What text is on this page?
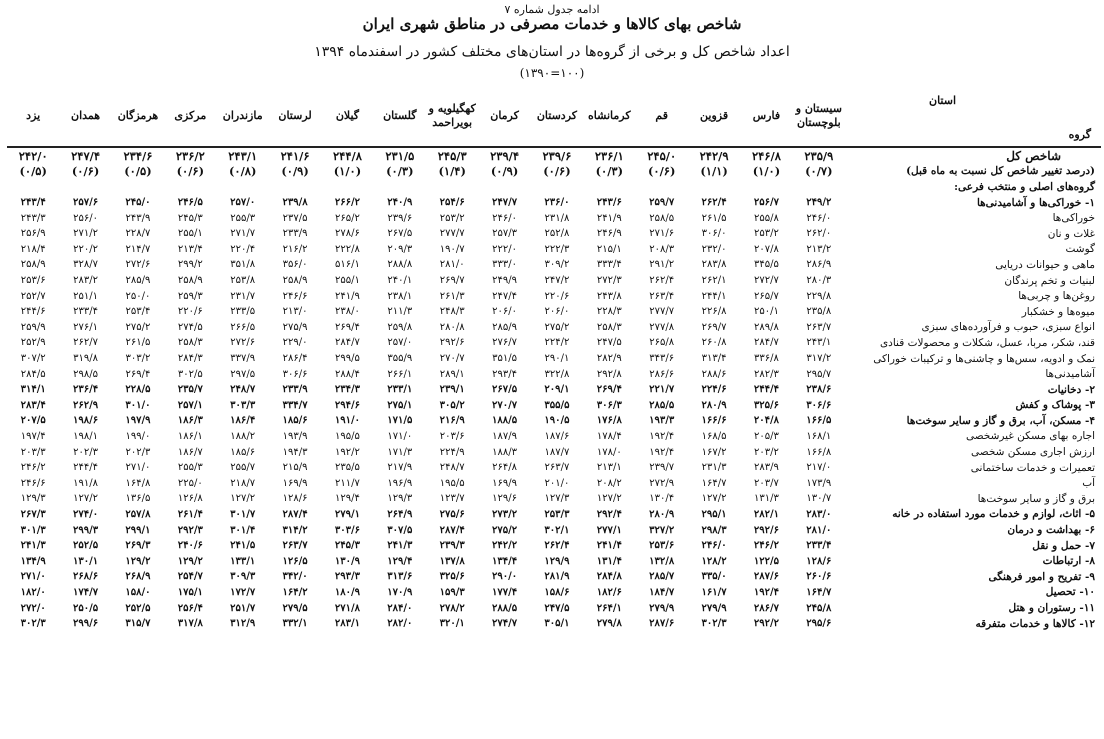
ادامه جدول شماره ۷
شاخص بهای کالاها و خدمات مصرفی در مناطق شهری ایران
اعداد شاخص کل و برخی از گروه‌ها در استان‌های مختلف کشور در اسفندماه ۱۳۹۴
(۱۰۰=۱۳۹۰)
استان
گروه	سیستان و بلوچستان	فارس	قزوین	قم	کرمانشاه	کردستان	کرمان	کهگیلویه و بویراحمد	گلستان	گیلان	لرستان	مازندران	مرکزی	هرمزگان	همدان	یزد
شاخص کل	۲۳۵/۹	۲۴۶/۸	۲۴۲/۹	۲۴۵/۰	۲۳۶/۱	۲۳۹/۶	۲۳۹/۴	۲۴۵/۳	۲۳۱/۵	۲۴۴/۸	۲۴۱/۶	۲۴۳/۱	۲۳۶/۲	۲۳۴/۶	۲۴۷/۴	۲۴۲/۰
(درصد تغییر شاخص کل نسبت به ماه قبل)	(۰/۷)	(۱/۰)	(۱/۱)	(۰/۶)	(۰/۳)	(۰/۶)	(۰/۹)	(۱/۴)	(۰/۳)	(۱/۰)	(۰/۹)	(۰/۸)	(۰/۶)	(۰/۵)	(۰/۶)	(۰/۵)
گروه‌های اصلی و منتخب فرعی:																
۱- خوراکی‌ها و آشامیدنی‌ها	۲۴۹/۲	۲۵۶/۷	۲۶۲/۴	۲۵۹/۷	۲۴۳/۶	۲۳۶/۰	۲۴۷/۷	۲۵۴/۶	۲۴۰/۹	۲۶۶/۲	۲۳۹/۸	۲۵۷/۰	۲۴۶/۵	۲۴۵/۰	۲۵۷/۶	۲۴۳/۴
خوراکی‌ها	۲۴۶/۰	۲۵۵/۸	۲۶۱/۵	۲۵۸/۵	۲۴۱/۹	۲۳۱/۸	۲۴۶/۰	۲۵۳/۲	۲۳۹/۶	۲۶۵/۲	۲۳۷/۵	۲۵۵/۳	۲۴۵/۳	۲۴۳/۹	۲۵۶/۰	۲۴۳/۳
غلات و نان	۲۶۲/۰	۲۵۳/۲	۳۰۶/۰	۲۷۱/۶	۲۴۶/۹	۲۵۲/۸	۲۵۷/۳	۲۷۷/۷	۲۶۷/۵	۲۷۸/۶	۲۳۳/۹	۲۷۱/۷	۲۵۵/۱	۲۲۸/۷	۲۷۱/۲	۲۵۶/۹
گوشت	۲۱۳/۲	۲۰۷/۸	۲۳۲/۰	۲۰۸/۳	۲۱۵/۱	۲۲۲/۳	۲۲۲/۰	۱۹۰/۷	۲۰۹/۳	۲۲۲/۸	۲۱۶/۲	۲۲۰/۴	۲۱۳/۴	۲۱۴/۷	۲۲۰/۲	۲۱۸/۴
ماهی و حیوانات دریایی	۲۸۶/۹	۳۴۵/۵	۲۸۳/۸	۲۹۱/۲	۳۳۳/۴	۳۰۹/۲	۳۳۳/۰	۲۸۱/۰	۲۸۸/۸	۵۱۶/۱	۳۵۶/۰	۳۵۱/۸	۲۹۹/۲	۲۷۲/۶	۳۲۸/۷	۲۵۸/۹
لبنیات و تخم پرندگان	۲۸۰/۳	۲۷۲/۷	۲۶۲/۱	۲۶۲/۴	۲۷۲/۳	۲۴۷/۲	۲۴۹/۹	۲۶۹/۷	۲۴۰/۱	۲۵۵/۱	۲۵۸/۹	۲۵۳/۸	۲۵۸/۹	۲۸۵/۹	۲۸۳/۲	۲۵۳/۶
روغن‌ها و چربی‌ها	۲۲۹/۸	۲۶۵/۷	۲۴۴/۱	۲۶۳/۴	۲۴۳/۸	۲۲۰/۶	۲۴۷/۴	۲۶۱/۳	۲۳۸/۱	۲۴۱/۹	۲۴۶/۶	۲۳۱/۷	۲۵۹/۳	۲۵۰/۰	۲۵۱/۱	۲۵۲/۷
میوه‌ها و خشکبار	۲۳۵/۸	۲۵۰/۱	۲۲۶/۸	۲۷۷/۷	۲۲۸/۳	۲۰۶/۰	۲۰۶/۰	۲۴۸/۳	۲۱۱/۳	۲۳۸/۰	۲۱۳/۰	۲۳۳/۵	۲۲۰/۶	۲۵۳/۴	۲۳۳/۴	۲۴۴/۶
انواع سبزی، حبوب و فرآورده‌های سبزی	۲۶۳/۷	۲۸۹/۸	۲۶۹/۷	۲۷۷/۸	۲۵۸/۳	۲۷۵/۲	۲۸۵/۹	۲۸۰/۸	۲۵۹/۸	۲۶۹/۴	۲۷۵/۹	۲۶۶/۵	۲۷۴/۵	۲۷۵/۲	۲۷۶/۱	۲۵۹/۹
قند، شکر، مربا، عسل، شکلات و محصولات قنادی	۲۴۳/۱	۲۸۴/۷	۲۶۰/۸	۲۶۵/۸	۲۴۷/۵	۲۲۴/۲	۲۷۶/۷	۲۹۲/۶	۲۵۷/۰	۲۸۴/۷	۲۲۹/۰	۲۷۲/۶	۲۵۸/۳	۲۶۱/۵	۲۶۲/۷	۲۵۲/۹
نمک و ادویه، سس‌ها و چاشنی‌ها و ترکیبات خوراکی	۳۱۷/۲	۳۳۶/۸	۳۱۳/۴	۳۴۳/۶	۲۸۲/۹	۲۹۰/۱	۳۵۱/۵	۲۷۰/۷	۳۵۵/۹	۲۹۹/۵	۲۸۶/۴	۳۳۷/۹	۲۸۴/۳	۳۰۳/۲	۳۱۹/۸	۳۰۷/۲
آشامیدنی‌ها	۲۹۵/۷	۲۸۲/۳	۲۸۸/۶	۲۸۶/۶	۲۹۲/۸	۳۲۲/۸	۲۹۳/۴	۲۸۹/۱	۲۶۶/۱	۲۸۸/۴	۳۰۶/۶	۲۹۷/۵	۳۰۲/۵	۲۶۹/۴	۲۹۸/۵	۲۸۴/۵
۲- دخانیات	۲۳۸/۶	۲۴۴/۴	۲۲۴/۶	۲۲۱/۷	۲۶۹/۴	۲۰۹/۱	۲۶۷/۵	۲۳۹/۱	۲۳۳/۱	۲۳۴/۳	۲۳۳/۹	۲۴۸/۷	۲۳۵/۷	۲۲۸/۵	۲۳۶/۴	۳۱۴/۱
۳- پوشاک و کفش	۳۰۶/۶	۳۲۵/۶	۲۸۰/۹	۲۸۵/۵	۳۰۶/۳	۳۵۵/۵	۲۷۰/۷	۳۰۵/۲	۲۷۵/۱	۲۹۴/۶	۳۳۴/۷	۳۰۳/۳	۲۵۷/۱	۳۰۱/۰	۲۶۲/۹	۲۸۳/۴
۴- مسکن، آب، برق و گاز و سایر سوخت‌ها	۱۶۶/۵	۲۰۴/۸	۱۶۶/۶	۱۹۳/۳	۱۷۶/۸	۱۹۰/۵	۱۸۸/۵	۲۱۶/۹	۱۷۱/۵	۱۹۱/۰	۱۸۵/۶	۱۸۶/۴	۱۸۶/۳	۱۹۷/۹	۱۹۸/۶	۲۰۷/۵
اجاره بهای مسکن غیرشخصی	۱۶۸/۱	۲۰۵/۳	۱۶۸/۵	۱۹۲/۴	۱۷۸/۴	۱۸۷/۶	۱۸۷/۹	۲۰۳/۶	۱۷۱/۰	۱۹۵/۵	۱۹۳/۹	۱۸۸/۲	۱۸۶/۱	۱۹۹/۰	۱۹۸/۱	۱۹۷/۴
ارزش اجاری مسکن شخصی	۱۶۶/۸	۲۰۳/۲	۱۶۷/۲	۱۹۲/۴	۱۷۸/۰	۱۸۷/۷	۱۸۸/۳	۲۲۴/۹	۱۷۱/۳	۱۹۲/۲	۱۹۴/۳	۱۸۵/۶	۱۸۶/۷	۲۰۲/۳	۲۰۲/۳	۲۰۳/۳
تعمیرات و خدمات ساختمانی	۲۱۷/۰	۲۸۳/۹	۲۳۱/۳	۲۳۹/۷	۲۱۳/۱	۲۶۳/۷	۲۶۴/۸	۲۴۸/۷	۲۱۷/۹	۲۳۵/۵	۲۱۵/۹	۲۵۵/۷	۲۵۵/۳	۲۷۱/۰	۲۴۴/۴	۲۴۶/۲
آب	۱۷۳/۹	۲۰۳/۷	۱۶۴/۷	۲۷۲/۹	۲۰۸/۲	۲۰۱/۰	۱۶۹/۹	۱۹۵/۵	۱۹۶/۹	۲۱۱/۷	۱۶۹/۹	۲۱۸/۷	۲۲۵/۰	۱۶۴/۸	۱۹۱/۸	۲۴۶/۶
برق و گاز و سایر سوخت‌ها	۱۳۰/۷	۱۳۱/۳	۱۲۷/۲	۱۳۰/۴	۱۲۷/۲	۱۲۷/۳	۱۲۹/۶	۱۲۳/۷	۱۲۹/۳	۱۲۹/۴	۱۲۸/۶	۱۲۷/۲	۱۲۶/۸	۱۳۶/۵	۱۲۷/۲	۱۲۹/۳
۵- اثاث، لوازم و خدمات مورد استفاده در خانه	۲۸۳/۰	۲۸۲/۱	۲۹۵/۱	۲۸۰/۹	۲۹۲/۴	۲۵۳/۳	۲۷۳/۲	۲۷۵/۶	۲۶۴/۹	۲۷۹/۱	۲۸۷/۴	۳۰۱/۷	۲۶۱/۴	۲۵۷/۸	۲۷۴/۰	۲۶۷/۳
۶- بهداشت و درمان	۲۸۱/۰	۲۹۲/۶	۲۹۸/۳	۳۲۷/۲	۲۷۷/۱	۳۰۲/۱	۲۷۵/۲	۲۸۷/۴	۳۰۷/۵	۳۰۳/۶	۳۱۴/۲	۳۰۱/۴	۲۹۲/۳	۲۹۹/۱	۲۹۹/۳	۳۰۱/۳
۷- حمل و نقل	۲۳۳/۴	۲۴۶/۲	۲۴۶/۰	۲۵۳/۶	۲۴۱/۴	۲۶۲/۴	۲۴۲/۲	۲۳۹/۳	۲۴۱/۳	۲۴۵/۳	۲۶۳/۷	۲۴۱/۵	۲۴۰/۶	۲۶۹/۳	۲۵۲/۵	۲۴۱/۳
۸- ارتباطات	۱۲۸/۶	۱۲۲/۵	۱۲۸/۲	۱۳۲/۸	۱۳۱/۴	۱۲۹/۹	۱۳۴/۴	۱۳۷/۸	۱۲۹/۴	۱۳۰/۹	۱۲۶/۵	۱۳۳/۱	۱۲۹/۲	۱۲۹/۲	۱۳۰/۱	۱۳۴/۹
۹- تفریح و امور فرهنگی	۲۶۰/۶	۲۸۷/۶	۳۳۵/۰	۲۸۵/۷	۲۸۴/۸	۲۸۱/۹	۲۹۰/۰	۳۲۵/۶	۳۱۳/۶	۲۹۳/۳	۳۴۲/۰	۳۰۹/۳	۲۵۴/۷	۲۶۸/۹	۲۶۸/۶	۲۷۱/۰
۱۰- تحصیل	۱۶۴/۷	۱۹۲/۴	۱۶۱/۷	۱۸۴/۷	۱۸۲/۶	۱۵۸/۶	۱۷۷/۴	۱۵۹/۳	۱۷۰/۹	۱۸۰/۹	۱۶۴/۲	۱۷۲/۷	۱۷۵/۱	۱۵۸/۰	۱۷۴/۷	۱۸۲/۰
۱۱- رستوران و هتل	۲۴۵/۸	۲۸۶/۷	۲۷۹/۹	۲۷۹/۹	۲۶۴/۱	۲۴۷/۵	۲۸۸/۵	۲۷۸/۲	۲۸۴/۰	۲۷۱/۸	۲۷۹/۵	۲۵۱/۷	۲۵۶/۴	۲۵۲/۵	۲۵۰/۵	۲۷۲/۰
۱۲- کالاها و خدمات متفرقه	۲۹۵/۶	۲۹۲/۲	۳۰۲/۳	۲۸۷/۶	۲۷۹/۸	۳۰۵/۱	۲۷۴/۷	۳۲۰/۱	۲۸۲/۰	۲۸۳/۱	۳۳۲/۱	۳۱۲/۹	۳۱۷/۸	۳۱۵/۷	۲۹۹/۶	۳۰۲/۳
